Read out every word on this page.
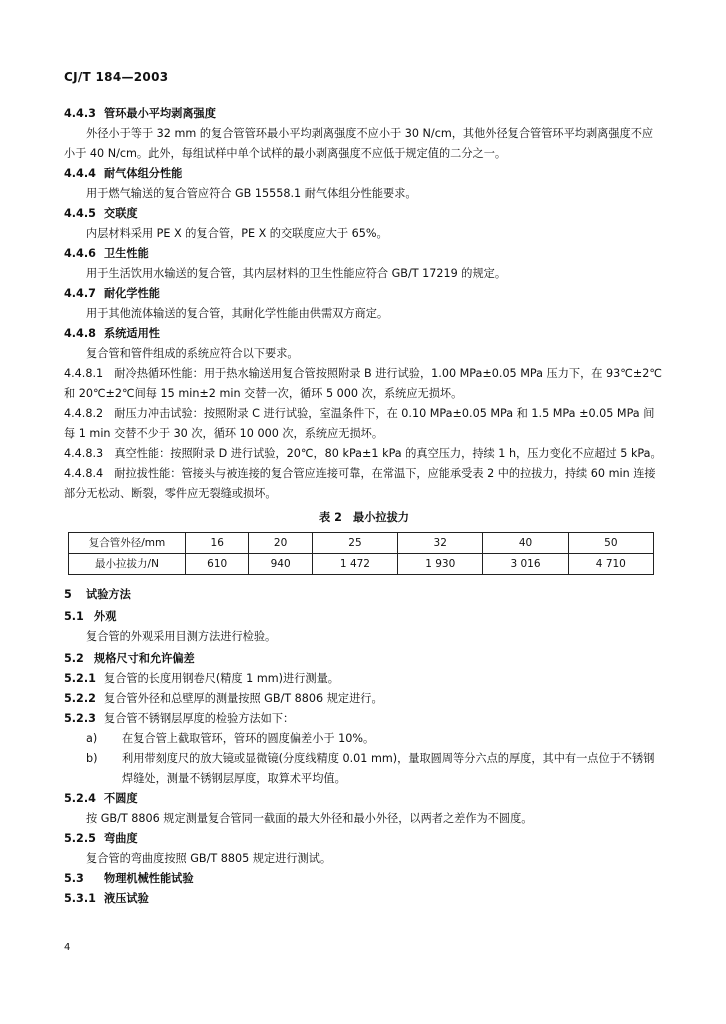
CJ/T 184—2003
4.4.3 管环最小平均剥离强度
外径小于等于 32 mm 的复合管管环最小平均剥离强度不应小于 30 N/cm，其他外径复合管管环平均剥离强度不应小于 40 N/cm。此外，每组试样中单个试样的最小剥离强度不应低于规定值的二分之一。
4.4.4 耐气体组分性能
用于燃气输送的复合管应符合 GB 15558.1 耐气体组分性能要求。
4.4.5 交联度
内层材料采用 PE X 的复合管，PE X 的交联度应大于 65%。
4.4.6 卫生性能
用于生活饮用水输送的复合管，其内层材料的卫生性能应符合 GB/T 17219 的规定。
4.4.7 耐化学性能
用于其他流体输送的复合管，其耐化学性能由供需双方商定。
4.4.8 系统适用性
复合管和管件组成的系统应符合以下要求。
4.4.8.1　耐冷热循环性能：用于热水输送用复合管按照附录 B 进行试验，1.00 MPa±0.05 MPa 压力下，在 93℃±2℃和 20℃±2℃间每 15 min±2 min 交替一次，循环 5 000 次，系统应无损坏。
4.4.8.2　耐压力冲击试验：按照附录 C 进行试验，室温条件下，在 0.10 MPa±0.05 MPa 和 1.5 MPa ±0.05 MPa 间每 1 min 交替不少于 30 次，循环 10 000 次，系统应无损坏。
4.4.8.3　真空性能：按照附录 D 进行试验，20℃，80 kPa±1 kPa 的真空压力，持续 1 h，压力变化不应超过 5 kPa。
4.4.8.4　耐拉拔性能：管接头与被连接的复合管应连接可靠，在常温下，应能承受表 2 中的拉拔力，持续 60 min 连接部分无松动、断裂，零件应无裂缝或损坏。
表 2　最小拉拔力
复合管外径/mm	16	20	25	32	40	50
最小拉拔力/N	610	940	1 472	1 930	3 016	4 710
5 试验方法
5.1 外观
复合管的外观采用目测方法进行检验。
5.2 规格尺寸和允许偏差
5.2.1 复合管的长度用钢卷尺(精度 1 mm)进行测量。
5.2.2 复合管外径和总壁厚的测量按照 GB/T 8806 规定进行。
5.2.3 复合管不锈钢层厚度的检验方法如下：
a)	在复合管上截取管环，管环的圆度偏差小于 10%。
b)	利用带刻度尺的放大镜或显微镜(分度线精度 0.01 mm)，量取圆周等分六点的厚度，其中有一点位于不锈钢焊缝处，测量不锈钢层厚度，取算术平均值。
5.2.4 不圆度
按 GB/T 8806 规定测量复合管同一截面的最大外径和最小外径，以两者之差作为不圆度。
5.2.5 弯曲度
复合管的弯曲度按照 GB/T 8805 规定进行测试。
5.3 物理机械性能试验
5.3.1 液压试验
4
